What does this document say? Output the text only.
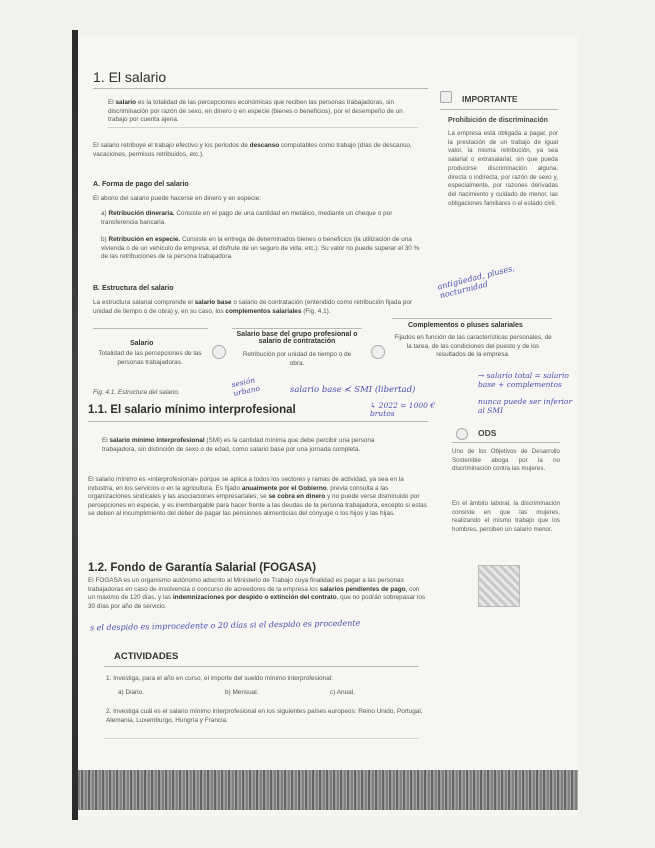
1. El salario

El salario es la totalidad de las percepciones económicas que reciben las personas trabajadoras, sin discriminación por razón de sexo, en dinero o en especie (bienes o beneficios), por el desempeño de un trabajo por cuenta ajena.

El salario retribuye el trabajo efectivo y los periodos de descanso computables como trabajo (días de descanso, vacaciones, permisos retribuidos, etc.).

A. Forma de pago del salario

El abono del salario puede hacerse en dinero y en especie:

a) Retribución dineraria. Consiste en el pago de una cantidad en metálico, mediante un cheque o por transferencia bancaria.

b) Retribución en especie. Consiste en la entrega de determinados bienes o beneficios (la utilización de una vivienda o de un vehículo de empresa, el disfrute de un seguro de vida, etc.). Su valor no puede superar el 30 % de las retribuciones de la persona trabajadora.

B. Estructura del salario

La estructura salarial comprende el salario base o salario de contratación (entendido como retribución fijada por unidad de tiempo o de obra) y, en su caso, los complementos salariales (Fig. 4.1).

Salario

Totalidad de las percepciones de las personas trabajadoras.

Salario base del grupo profesional o salario de contratación

Retribución por unidad de tiempo o de obra.

Complementos o pluses salariales

Fijados en función de las características personales, de la tarea, de las condiciones del puesto y de los resultados de la empresa.

Fig. 4.1. Estructura del salario.

1.1. El salario mínimo interprofesional

El salario mínimo interprofesional (SMI) es la cantidad mínima que debe percibir una persona trabajadora, sin distinción de sexo o de edad, como salario base por una jornada completa.

El salario mínimo es «interprofesional» porque se aplica a todos los sectores y ramas de actividad, ya sea en la industria, en los servicios o en la agricultura. Es fijado anualmente por el Gobierno, previa consulta a las organizaciones sindicales y las asociaciones empresariales; se se cobra en dinero y no puede verse disminuido por percepciones en especie, y es inembargable para hacer frente a las deudas de la persona trabajadora, excepto si estas se deben al incumplimiento del deber de pagar las pensiones alimenticias del cónyuge o los hijos y las hijas.

1.2. Fondo de Garantía Salarial (FOGASA)

El FOGASA es un organismo autónomo adscrito al Ministerio de Trabajo cuya finalidad es pagar a las personas trabajadoras en caso de insolvencia o concurso de acreedores de la empresa los salarios pendientes de pago, con un máximo de 120 días, y las indemnizaciones por despido o extinción del contrato, que no podrán sobrepasar los 30 días por año de servicio.

ACTIVIDADES

1. Investiga, para el año en curso, el importe del sueldo mínimo interprofesional:

a) Diario.	b) Mensual.	c) Anual.

2. Investiga cuál es el salario mínimo interprofesional en los siguientes países europeos: Reino Unido, Portugal, Alemania, Luxemburgo, Hungría y Francia.

IMPORTANTE

Prohibición de discriminación

La empresa está obligada a pagar, por la prestación de un trabajo de igual valor, la misma retribución, ya sea salarial o extrasalarial, sin que pueda producirse discriminación alguna, directa o indirecta, por razón de sexo y, especialmente, por razones derivadas del nacimiento y cuidado de menor, las obligaciones familiares o el estado civil.

ODS

Uno de los Objetivos de Desarrollo Sostenible aboga por la no discriminación contra las mujeres.

En el ámbito laboral, la discriminación consiste en que las mujeres, realizando el mismo trabajo que los hombres, perciben un salario menor.

antigüedad, pluses, nocturnidad

sesión urbano	salario base ≮ SMI (libertad)

↳ 2022 = 1000 € brutos

→ salario total = salario base + complementos

nunca puede ser inferior al SMI

s el despido es improcedente o 20 días si el despido es procedente
